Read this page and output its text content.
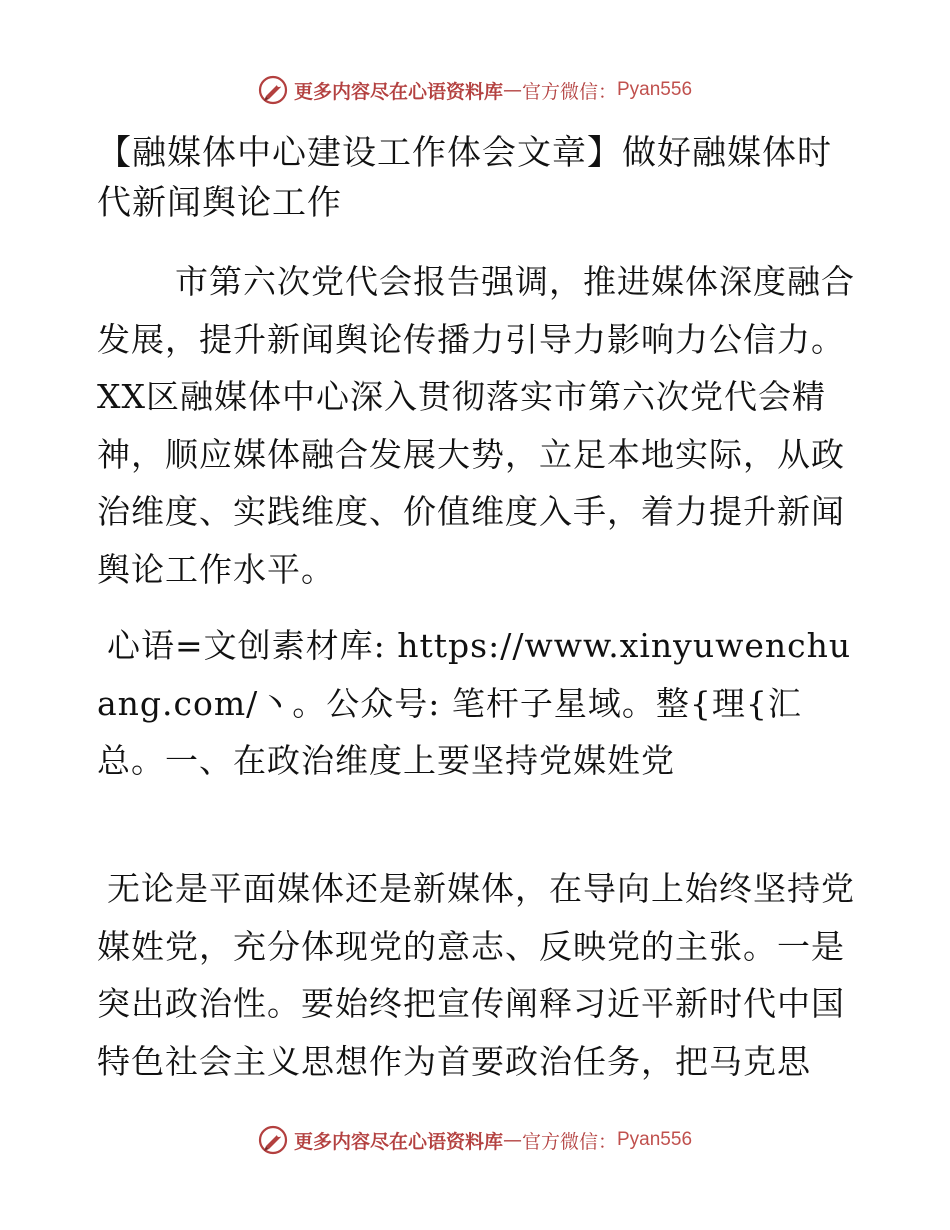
更多内容尽在心语资料库 — 官方微信： Pyan556
【融媒体中心建设工作体会文章】做好融媒体时代新闻舆论工作

市第六次党代会报告强调，推进媒体深度融合发展，提升新闻舆论传播力引导力影响力公信力。XX区融媒体中心深入贯彻落实市第六次党代会精神，顺应媒体融合发展大势，立足本地实际，从政治维度、实践维度、价值维度入手，着力提升新闻舆论工作水平。

心语=文创素材库: https://www.xinyuwenchuang.com/丶。公众号: 笔杆子星域。整{理{汇总。一、在政治维度上要坚持党媒姓党

无论是平面媒体还是新媒体，在导向上始终坚持党媒姓党，充分体现党的意志、反映党的主张。一是突出政治性。要始终把宣传阐释习近平新时代中国特色社会主义思想作为首要政治任务，把马克思

更多内容尽在心语资料库 — 官方微信： Pyan556
